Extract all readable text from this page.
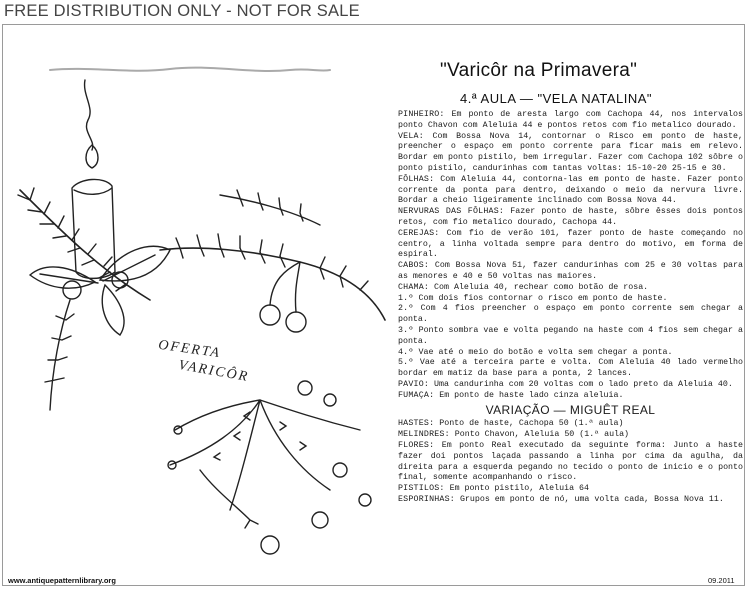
FREE DISTRIBUTION ONLY - NOT FOR SALE
OFERTA
VARICÔR
"Varicôr na Primavera"
4.ª AULA — "VELA NATALINA"

PINHEIRO: Em ponto de aresta largo com Cachopa 44, nos intervalos ponto Chavon com Aleluia 44 e pontos retos com fio metalico dourado.

VELA: Com Bossa Nova 14, contornar o Risco em ponto de haste, preencher o espaço em ponto corrente para ficar mais em relevo. Bordar em ponto pistilo, bem irregular. Fazer com Cachopa 102 sôbre o ponto pistilo, candurinhas com tantas voltas: 15-10-20 25-15 e 30.

FÔLHAS: Com Aleluia 44, contorna-las em ponto de haste. Fazer ponto corrente da ponta para dentro, deixando o meio da nervura livre. Bordar a cheio ligeiramente inclinado com Bossa Nova 44.

NERVURAS DAS FÔLHAS: Fazer ponto de haste, sôbre êsses dois pontos retos, com fio metalico dourado, Cachopa 44.

CEREJAS: Com fio de verão 101, fazer ponto de haste começando no centro, a linha voltada sempre para dentro do motivo, em forma de espiral.

CABOS: Com Bossa Nova 51, fazer candurinhas com 25 e 30 voltas para as menores e 40 e 50 voltas nas maiores.

CHAMA: Com Aleluia 40, rechear como botão de rosa.

1.º Com dois fios contornar o risco em ponto de haste.

2.º Com 4 fios preencher o espaço em ponto corrente sem chegar a ponta.

3.º Ponto sombra vae e volta pegando na haste com 4 fios sem chegar a ponta.

4.º Vae até o meio do botão e volta sem chegar a ponta.

5.º Vae até a terceira parte e volta. Com Aleluia 40 lado vermelho bordar em matiz da base para a ponta, 2 lances.

PAVIO: Uma candurinha com 20 voltas com o lado preto da Aleluia 40.

FUMAÇA: Em ponto de haste lado cinza aleluia.

VARIAÇÃO — MIGUÊT REAL

HASTES: Ponto de haste, Cachopa 50 (1.ª aula)

MELINDRES: Ponto Chavon, Aleluia 50 (1.ª aula)

FLORES: Em ponto Real executado da seguinte forma: Junto a haste fazer doi pontos laçada passando a linha por cima da agulha, da direita para a esquerda pegando no tecido o ponto de inicio e o ponto final, somente acompanhando o risco.

PISTILOS: Em ponto pistilo, Aleluia 64

ESPORINHAS: Grupos em ponto de nó, uma volta cada, Bossa Nova 11.

www.antiquepatternlibrary.org	09.2011
